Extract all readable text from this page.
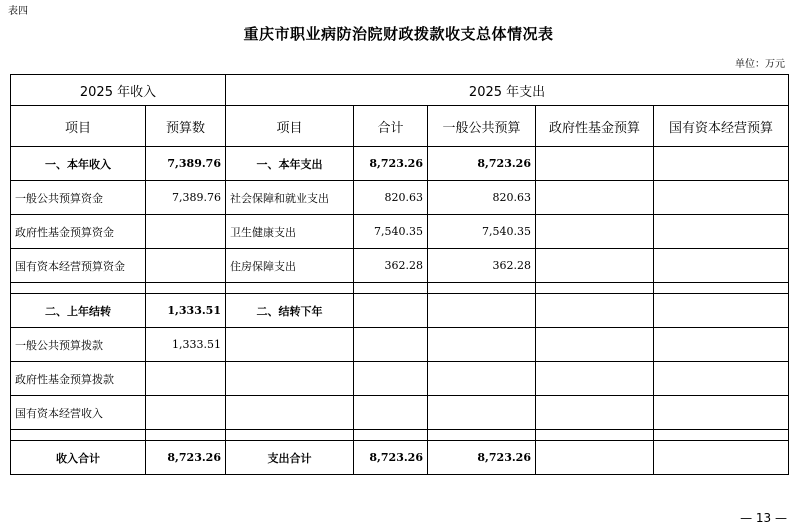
表四
重庆市职业病防治院财政拨款收支总体情况表
单位：万元
2025 年收入		2025 年支出				
项目	预算数	项目	合计	一般公共预算	政府性基金预算	国有资本经营预算
一、本年收入	7,389.76	一、本年支出	8,723.26	8,723.26		
一般公共预算资金	7,389.76	社会保障和就业支出	820.63	820.63		
政府性基金预算资金		卫生健康支出	7,540.35	7,540.35		
国有资本经营预算资金		住房保障支出	362.28	362.28		

二、上年结转	1,333.51	二、结转下年				
一般公共预算拨款	1,333.51					
政府性基金预算拨款						
国有资本经营收入						

收入合计	8,723.26	支出合计	8,723.26	8,723.26		
— 13 —
